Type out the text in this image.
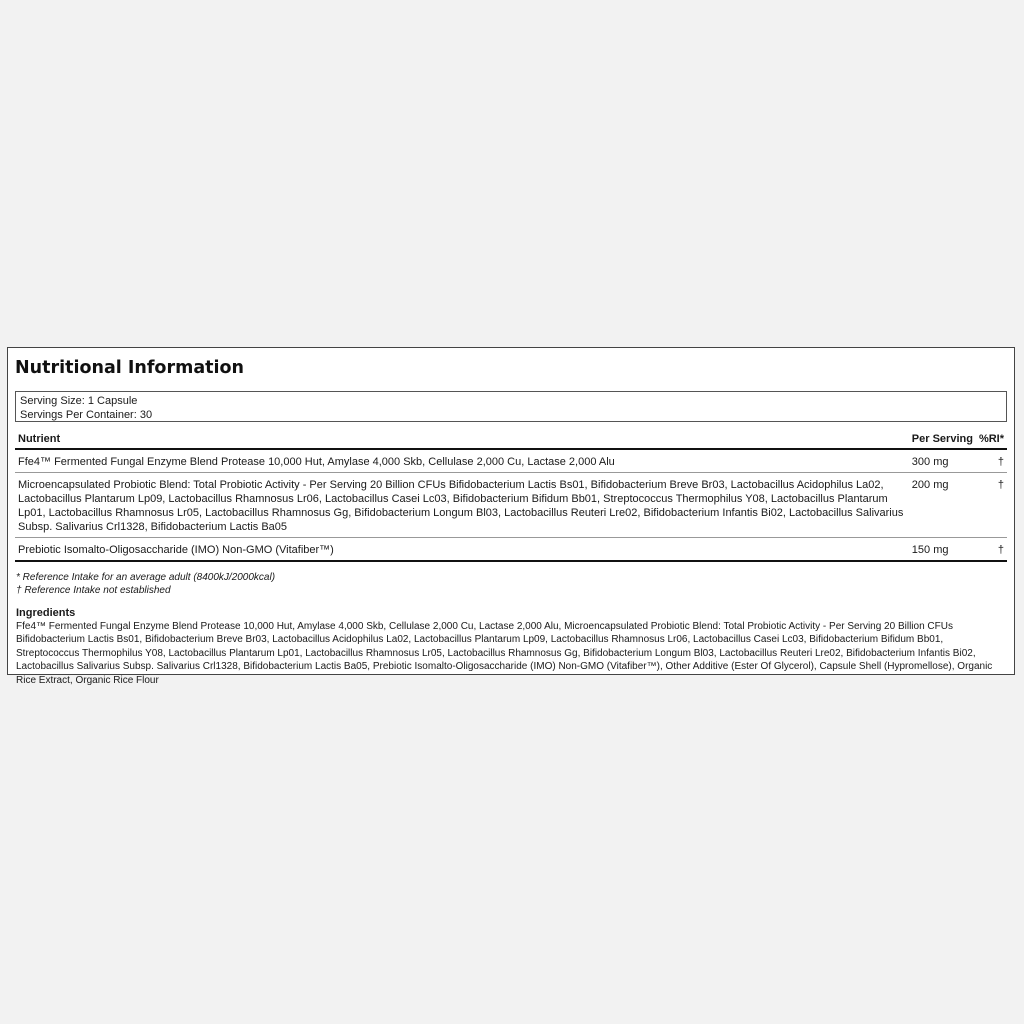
Nutritional Information
Serving Size: 1 Capsule
Servings Per Container: 30
Nutrient	Per Serving	%RI*
Ffe4™ Fermented Fungal Enzyme Blend Protease 10,000 Hut, Amylase 4,000 Skb, Cellulase 2,000 Cu, Lactase 2,000 Alu	300 mg	†
Microencapsulated Probiotic Blend: Total Probiotic Activity - Per Serving 20 Billion CFUs Bifidobacterium Lactis Bs01, Bifidobacterium Breve Br03, Lactobacillus Acidophilus La02, Lactobacillus Plantarum Lp09, Lactobacillus Rhamnosus Lr06, Lactobacillus Casei Lc03, Bifidobacterium Bifidum Bb01, Streptococcus Thermophilus Y08, Lactobacillus Plantarum Lp01, Lactobacillus Rhamnosus Lr05, Lactobacillus Rhamnosus Gg, Bifidobacterium Longum Bl03, Lactobacillus Reuteri Lre02, Bifidobacterium Infantis Bi02, Lactobacillus Salivarius Subsp. Salivarius Crl1328, Bifidobacterium Lactis Ba05	200 mg	†
Prebiotic Isomalto-Oligosaccharide (IMO) Non-GMO (Vitafiber™)	150 mg	†
* Reference Intake for an average adult (8400kJ/2000kcal)
† Reference Intake not established
Ingredients
Ffe4™ Fermented Fungal Enzyme Blend Protease 10,000 Hut, Amylase 4,000 Skb, Cellulase 2,000 Cu, Lactase 2,000 Alu, Microencapsulated Probiotic Blend: Total Probiotic Activity - Per Serving 20 Billion CFUs Bifidobacterium Lactis Bs01, Bifidobacterium Breve Br03, Lactobacillus Acidophilus La02, Lactobacillus Plantarum Lp09, Lactobacillus Rhamnosus Lr06, Lactobacillus Casei Lc03, Bifidobacterium Bifidum Bb01, Streptococcus Thermophilus Y08, Lactobacillus Plantarum Lp01, Lactobacillus Rhamnosus Lr05, Lactobacillus Rhamnosus Gg, Bifidobacterium Longum Bl03, Lactobacillus Reuteri Lre02, Bifidobacterium Infantis Bi02, Lactobacillus Salivarius Subsp. Salivarius Crl1328, Bifidobacterium Lactis Ba05, Prebiotic Isomalto-Oligosaccharide (IMO) Non-GMO (Vitafiber™), Other Additive (Ester Of Glycerol), Capsule Shell (Hypromellose), Organic Rice Extract, Organic Rice Flour
